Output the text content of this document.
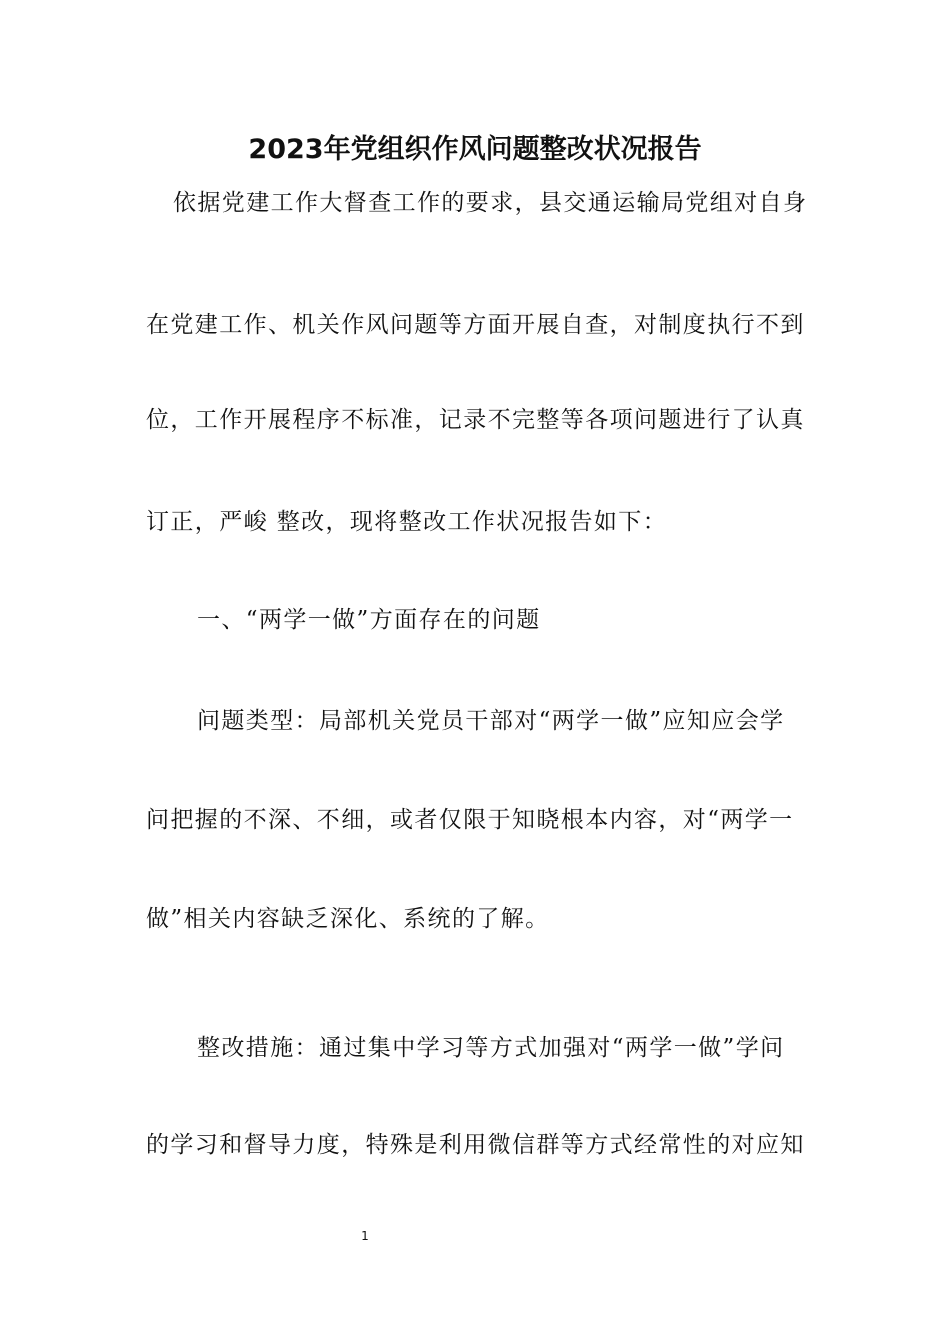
2023年党组织作风问题整改状况报告
依据党建工作大督查工作的要求，县交通运输局党组对自身
在党建工作、机关作风问题等方面开展自查，对制度执行不到
位，工作开展程序不标准，记录不完整等各项问题进行了认真
订正，严峻 整改，现将整改工作状况报告如下：
一、“两学一做”方面存在的问题
问题类型：局部机关党员干部对“两学一做”应知应会学
问把握的不深、不细，或者仅限于知晓根本内容，对“两学一
做”相关内容缺乏深化、系统的了解。
整改措施：通过集中学习等方式加强对“两学一做”学问
的学习和督导力度，特殊是利用微信群等方式经常性的对应知
1
